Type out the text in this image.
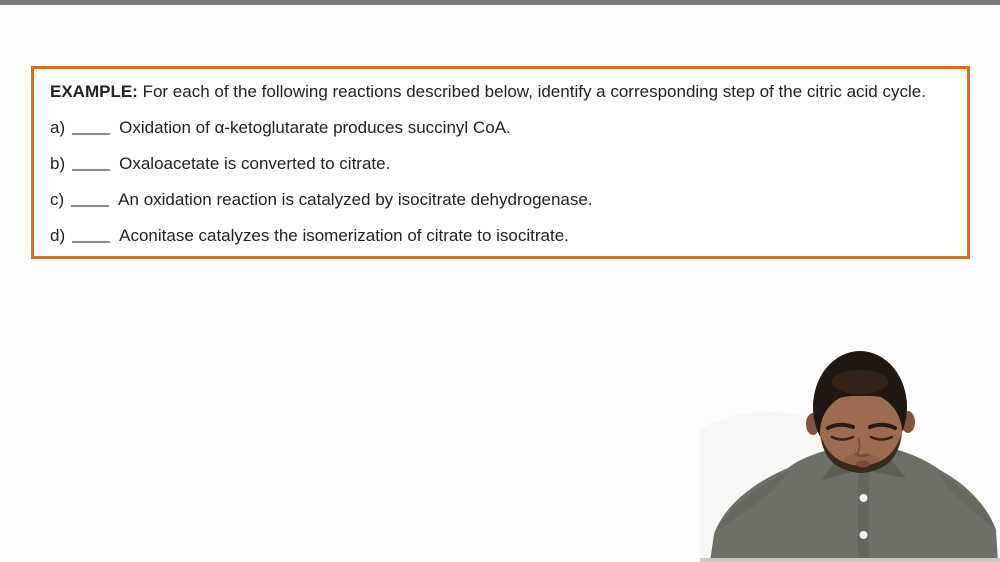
EXAMPLE: For each of the following reactions described below, identify a corresponding step of the citric acid cycle.
a)	Oxidation of α-ketoglutarate produces succinyl CoA.
b)	Oxaloacetate is converted to citrate.
c)	An oxidation reaction is catalyzed by isocitrate dehydrogenase.
d)	Aconitase catalyzes the isomerization of citrate to isocitrate.
